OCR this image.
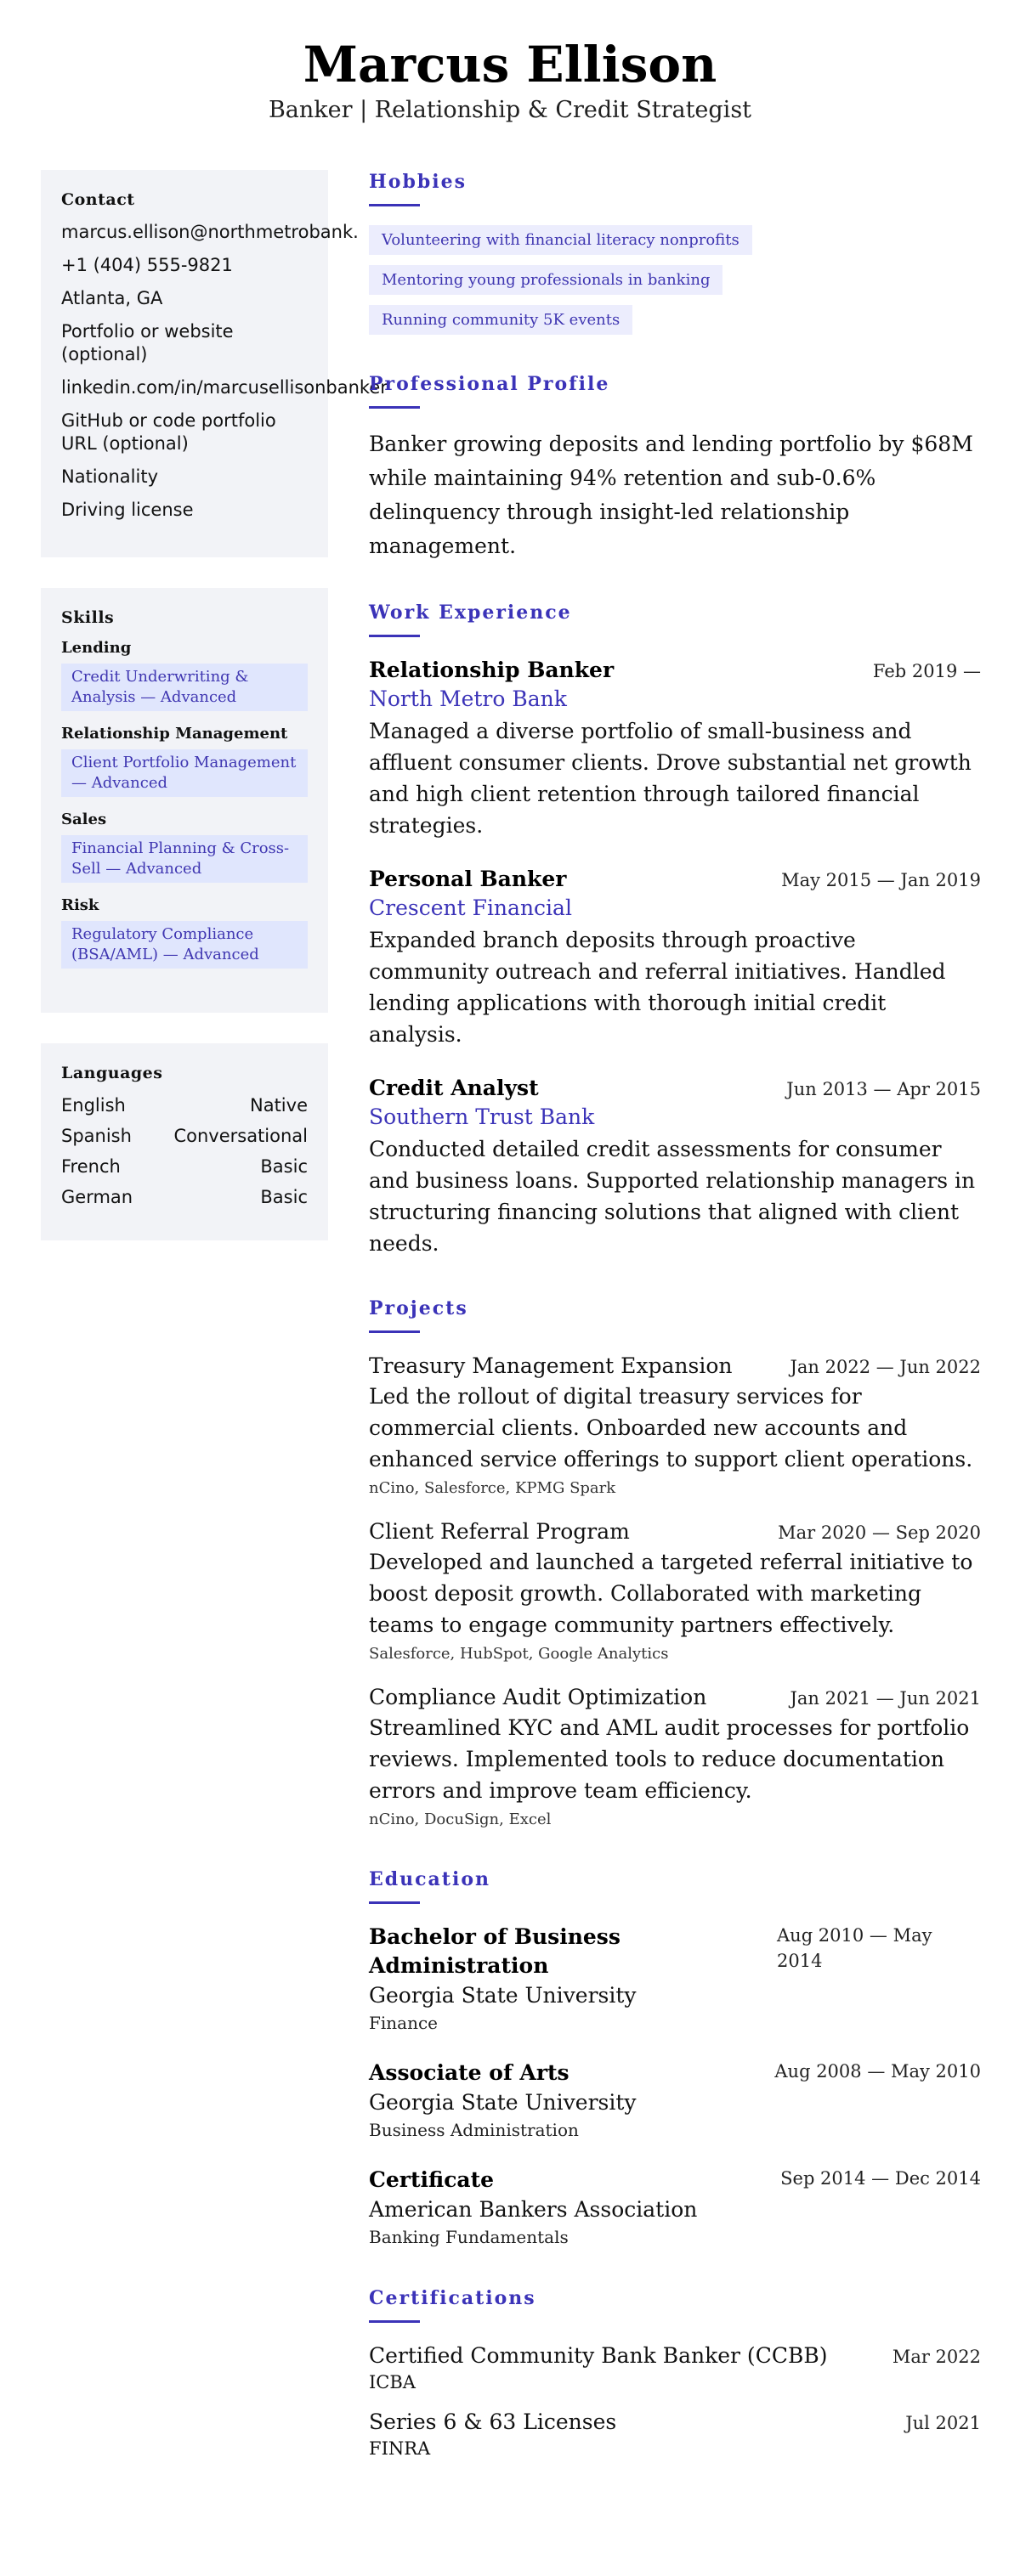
Marcus Ellison

Banker | Relationship & Credit Strategist

Contact

marcus.ellison@northmetrobank.

+1 (404) 555-9821

Atlanta, GA

Portfolio or website (optional)

linkedin.com/in/marcusellisonbanker

GitHub or code portfolio URL (optional)

Nationality

Driving license

Skills

Lending

Credit Underwriting & Analysis — Advanced

Relationship Management

Client Portfolio Management — Advanced

Sales

Financial Planning & Cross-Sell — Advanced

Risk

Regulatory Compliance (BSA/AML) — Advanced

Languages

English	Native
Spanish Conversational
French	Basic
German	Basic
Hobbies
Volunteering with financial literacy nonprofits
Mentoring young professionals in banking
Running community 5K events
Professional Profile

Banker growing deposits and lending portfolio by $68M while maintaining 94% retention and sub-0.6% delinquency through insight-led relationship management.

Work Experience

Relationship Banker	Feb 2019 —

North Metro Bank

Managed a diverse portfolio of small-business and affluent consumer clients. Drove substantial net growth and high client retention through tailored financial strategies.

Personal Banker	May 2015 — Jan 2019

Crescent Financial

Expanded branch deposits through proactive community outreach and referral initiatives. Handled lending applications with thorough initial credit analysis.

Credit Analyst	Jun 2013 — Apr 2015

Southern Trust Bank

Conducted detailed credit assessments for consumer and business loans. Supported relationship managers in structuring financing solutions that aligned with client needs.

Projects

Treasury Management Expansion	Jan 2022 — Jun 2022

Led the rollout of digital treasury services for commercial clients. Onboarded new accounts and enhanced service offerings to support client operations.

nCino, Salesforce, KPMG Spark

Client Referral Program	Mar 2020 — Sep 2020

Developed and launched a targeted referral initiative to boost deposit growth. Collaborated with marketing teams to engage community partners effectively.

Salesforce, HubSpot, Google Analytics

Compliance Audit Optimization	Jan 2021 — Jun 2021

Streamlined KYC and AML audit processes for portfolio reviews. Implemented tools to reduce documentation errors and improve team efficiency.

nCino, DocuSign, Excel

Education

Bachelor of Business Administration

Aug 2010 — May 2014

Georgia State University

Finance

Associate of Arts	Aug 2008 — May 2010

Georgia State University

Business Administration

Certificate	Sep 2014 — Dec 2014

American Bankers Association

Banking Fundamentals

Certifications

Certified Community Bank Banker (CCBB)	Mar 2022

ICBA

Series 6 & 63 Licenses	Jul 2021

FINRA
